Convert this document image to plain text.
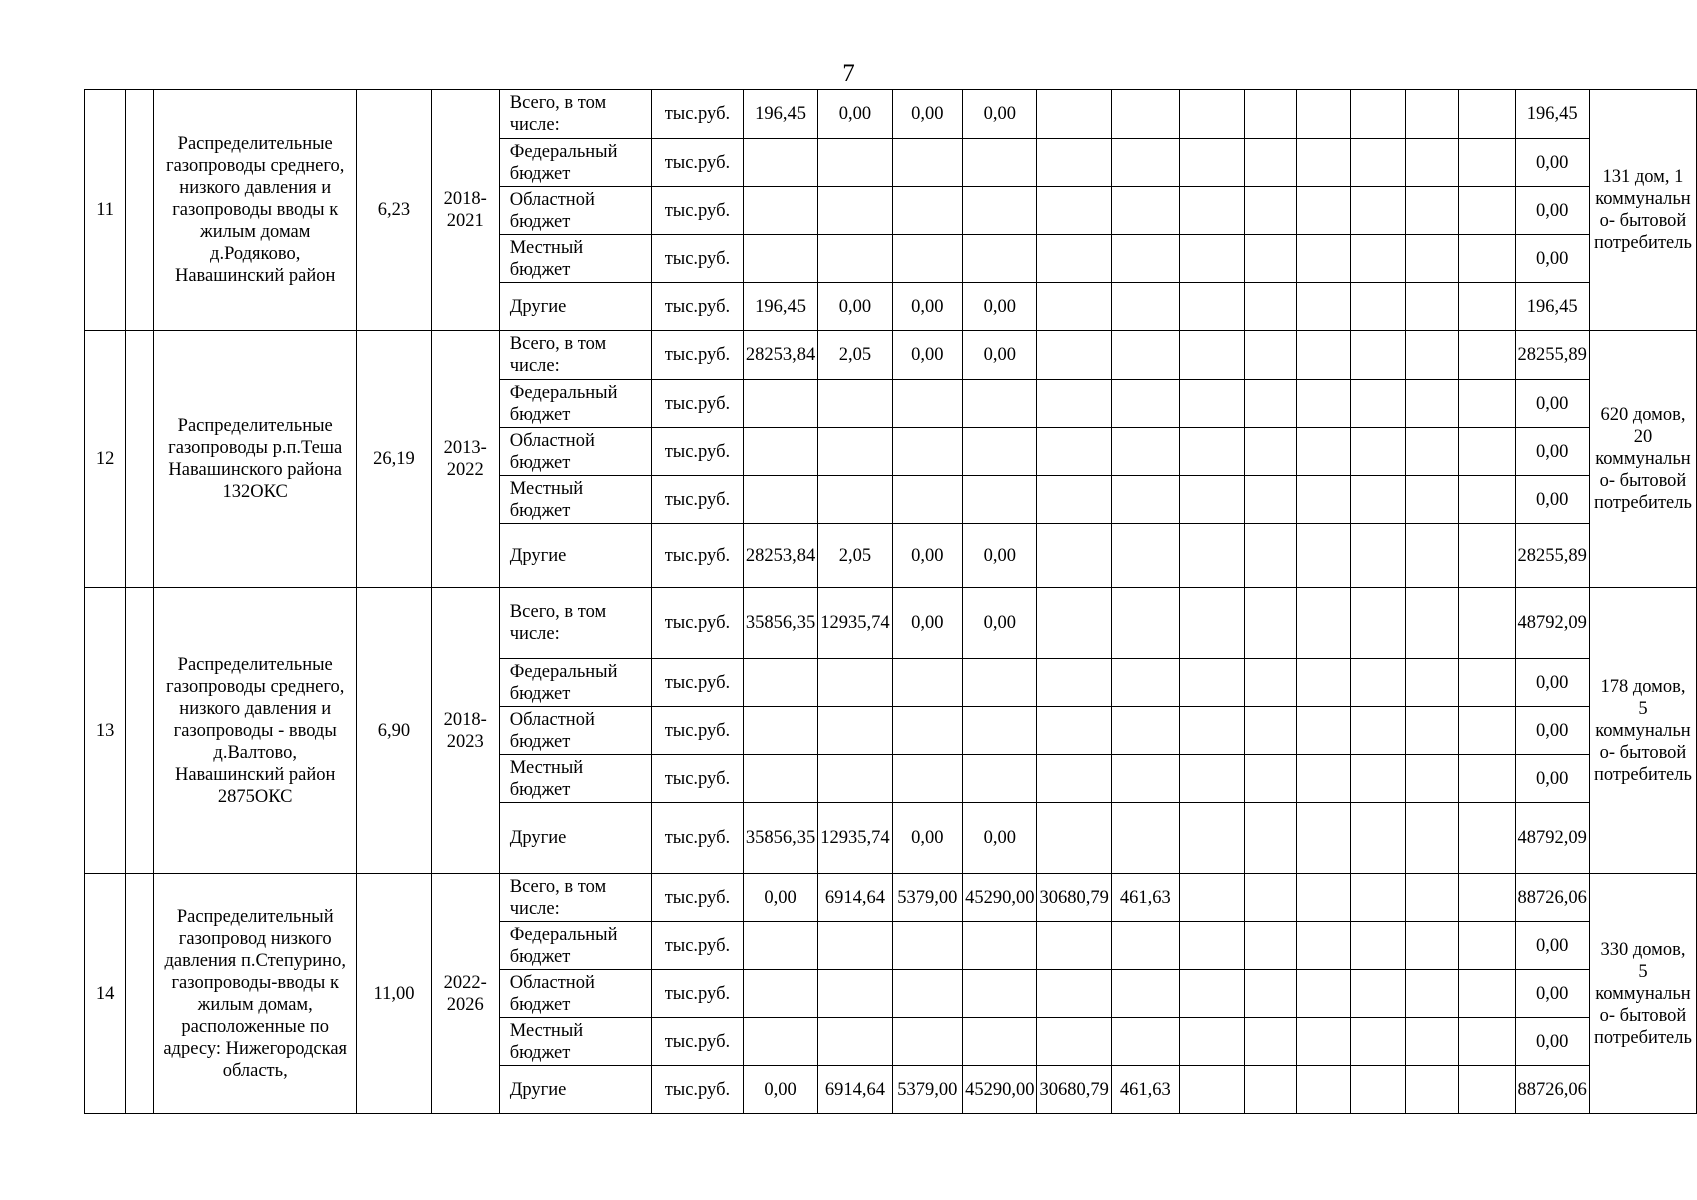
7
11		Распределительные газопроводы среднего, низкого давления и газопроводы вводы к жилым домам д.Родяково, Навашинский район	6,23	2018-2021	Всего, в том числе:	тыс.руб.	196,45	0,00	0,00	0,00									196,45	131 дом, 1 коммунальн о- бытовой потребитель
					Федеральный бюджет	тыс.руб.													0,00	
					Областной бюджет	тыс.руб.													0,00	
					Местный бюджет	тыс.руб.													0,00	
					Другие	тыс.руб.	196,45	0,00	0,00	0,00									196,45	
12		Распределительные газопроводы р.п.Теша Навашинского района 132ОКС	26,19	2013-2022	Всего, в том числе:	тыс.руб.	28253,84	2,05	0,00	0,00									28255,89	620 домов, 20 коммунальн о- бытовой потребитель
					Федеральный бюджет	тыс.руб.													0,00	
					Областной бюджет	тыс.руб.													0,00	
					Местный бюджет	тыс.руб.													0,00	
					Другие	тыс.руб.	28253,84	2,05	0,00	0,00									28255,89	
13		Распределительные газопроводы среднего, низкого давления и газопроводы - вводы д.Валтово, Навашинский район 2875ОКС	6,90	2018-2023	Всего, в том числе:	тыс.руб.	35856,35	12935,74	0,00	0,00									48792,09	178 домов, 5 коммунальн о- бытовой потребитель
					Федеральный бюджет	тыс.руб.													0,00	
					Областной бюджет	тыс.руб.													0,00	
					Местный бюджет	тыс.руб.													0,00	
					Другие	тыс.руб.	35856,35	12935,74	0,00	0,00									48792,09	
14		Распределительный газопровод низкого давления п.Степурино, газопроводы-вводы к жилым домам, расположенные по адресу: Нижегородская область,	11,00	2022-2026	Всего, в том числе:	тыс.руб.	0,00	6914,64	5379,00	45290,00	30680,79	461,63							88726,06	330 домов, 5 коммунальн о- бытовой потребитель
					Федеральный бюджет	тыс.руб.													0,00	
					Областной бюджет	тыс.руб.													0,00	
					Местный бюджет	тыс.руб.													0,00	
					Другие	тыс.руб.	0,00	6914,64	5379,00	45290,00	30680,79	461,63							88726,06	
